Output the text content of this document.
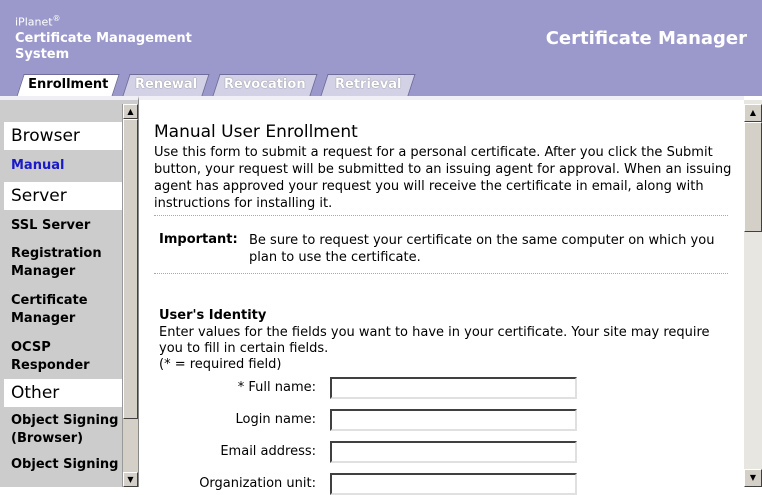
iPlanet®
Certificate Management
System
Certificate Manager
Enrollment	Renewal	Revocation	Retrieval
Browser
Manual
Server
SSL Server
Registration
Manager
Certificate
Manager
OCSP
Responder
Other
Object Signing
(Browser)
Object Signing
▲
▼
Manual User Enrollment
Use this form to submit a request for a personal certificate. After you click the Submit button, your request will be submitted to an issuing agent for approval. When an issuing agent has approved your request you will receive the certificate in email, along with instructions for installing it.
Important: Be sure to request your certificate on the same computer on which you plan to use the certificate.
User's Identity
Enter values for the fields you want to have in your certificate. Your site may require you to fill in certain fields.
(* = required field)
* Full name:
Login name:
Email address:
Organization unit:
▲
▼
